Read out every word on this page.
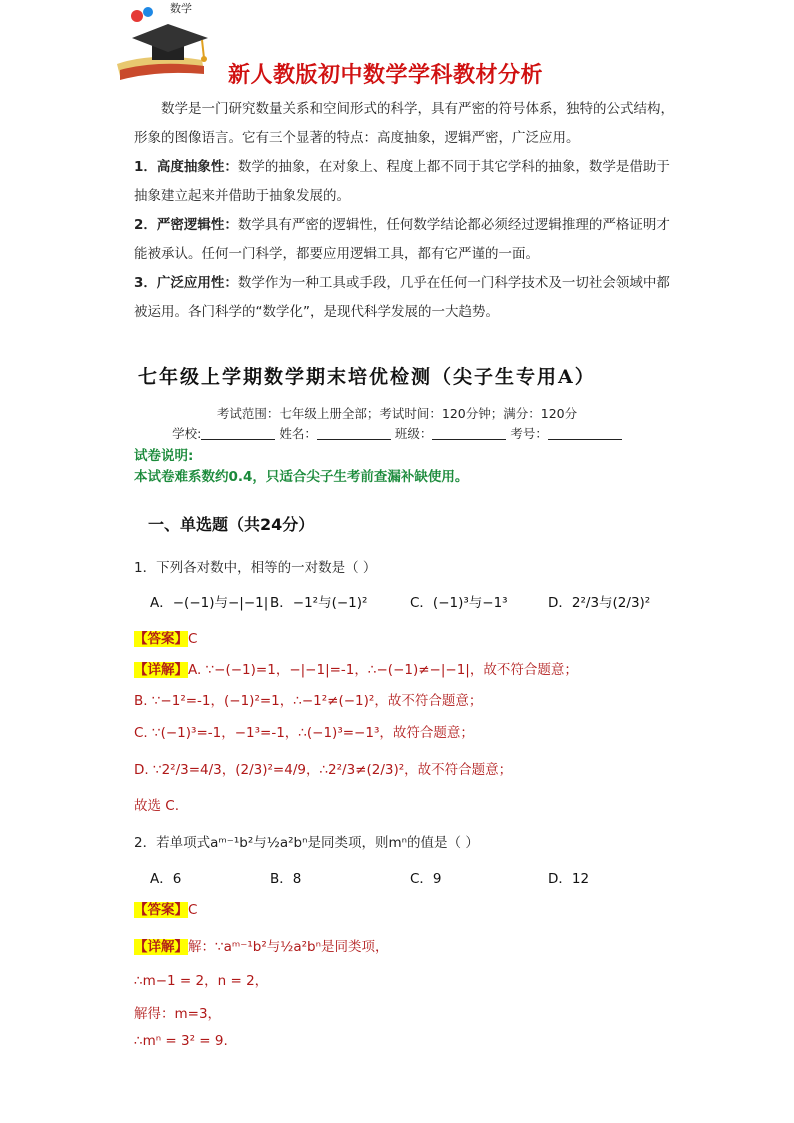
数学
新人教版初中数学学科教材分析
数学是一门研究数量关系和空间形式的科学，具有严密的符号体系，独特的公式结构，形象的图像语言。它有三个显著的特点：高度抽象，逻辑严密，广泛应用。
1．高度抽象性：数学的抽象，在对象上、程度上都不同于其它学科的抽象，数学是借助于抽象建立起来并借助于抽象发展的。
2．严密逻辑性：数学具有严密的逻辑性，任何数学结论都必须经过逻辑推理的严格证明才能被承认。任何一门科学，都要应用逻辑工具，都有它严谨的一面。
3．广泛应用性：数学作为一种工具或手段，几乎在任何一门科学技术及一切社会领域中都被运用。各门科学的“数学化”，是现代科学发展的一大趋势。
七年级上学期数学期末培优检测（尖子生专用A）
考试范围：七年级上册全部；考试时间：120分钟；满分：120分
学校:	姓名：	班级：	考号：
试卷说明:
本试卷难系数约0.4，只适合尖子生考前查漏补缺使用。
一、单选题（共24分）
1．下列各对数中，相等的一对数是（ ）
A．−(−1)与−|−1| B．−1²与(−1)²	C．(−1)³与−1³	D．2²/3与(2/3)²
【答案】C
【详解】A. ∵−(−1)=1，−|−1|=-1，∴−(−1)≠−|−1|，故不符合题意；
B. ∵−1²=-1，(−1)²=1，∴−1²≠(−1)²，故不符合题意；
C. ∵(−1)³=-1，−1³=-1，∴(−1)³=−1³，故符合题意；
D. ∵2²/3=4/3，(2/3)²=4/9，∴2²/3≠(2/3)²，故不符合题意；
故选 C.
2．若单项式aᵐ⁻¹b²与½a²bⁿ是同类项，则mⁿ的值是（ ）
A．6	B．8	C．9	D．12
【答案】C
【详解】解：∵aᵐ⁻¹b²与½a²bⁿ是同类项，
∴m−1 = 2，n = 2，
解得：m=3，
∴mⁿ = 3² = 9.
